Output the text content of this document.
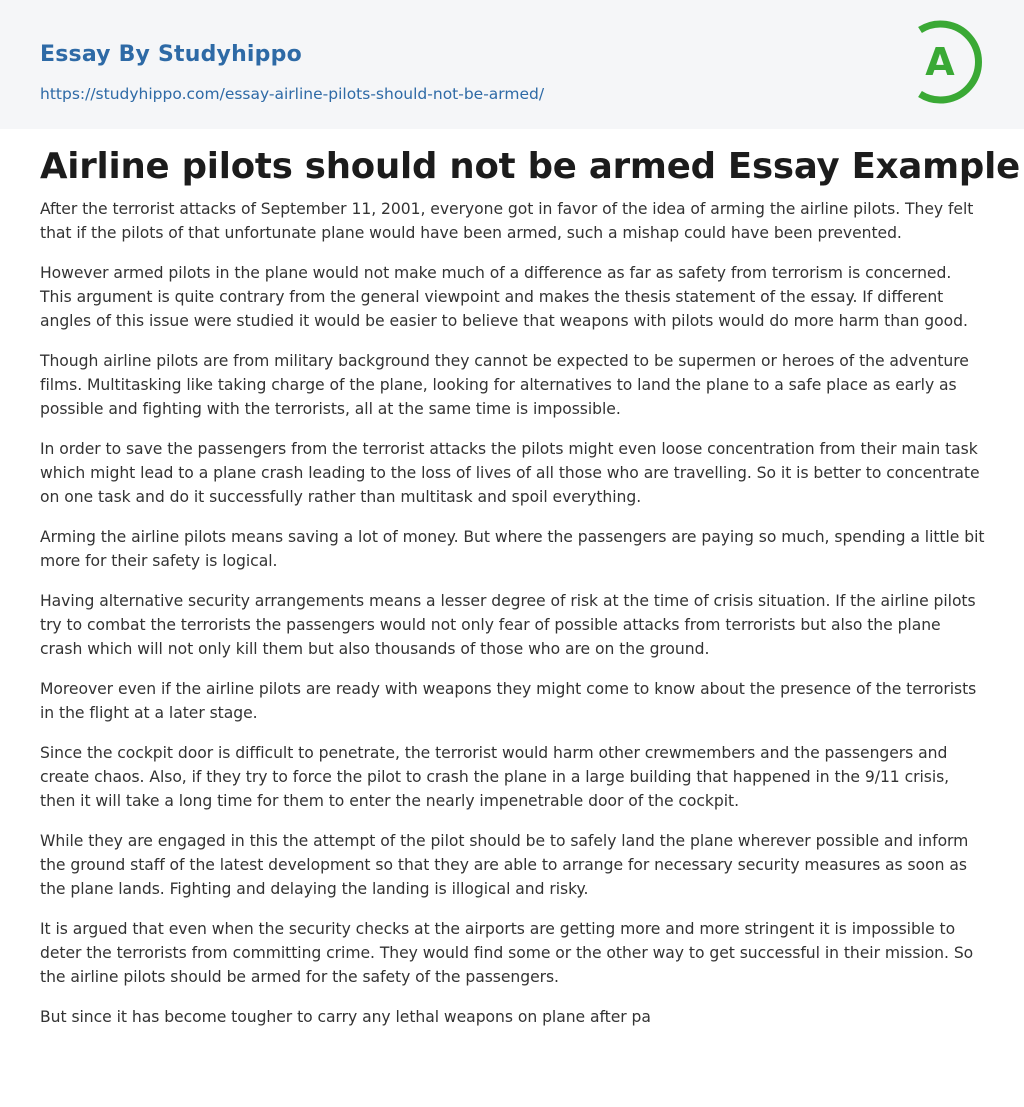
Essay By Studyhippo
https://studyhippo.com/essay-airline-pilots-should-not-be-armed/
A
Airline pilots should not be armed Essay Example

After the terrorist attacks of September 11, 2001, everyone got in favor of the idea of arming the airline pilots. They felt that if the pilots of that unfortunate plane would have been armed, such a mishap could have been prevented.

However armed pilots in the plane would not make much of a difference as far as safety from terrorism is concerned. This argument is quite contrary from the general viewpoint and makes the thesis statement of the essay. If different angles of this issue were studied it would be easier to believe that weapons with pilots would do more harm than good.

Though airline pilots are from military background they cannot be expected to be supermen or heroes of the adventure films. Multitasking like taking charge of the plane, looking for alternatives to land the plane to a safe place as early as possible and fighting with the terrorists, all at the same time is impossible.

In order to save the passengers from the terrorist attacks the pilots might even loose concentration from their main task which might lead to a plane crash leading to the loss of lives of all those who are travelling. So it is better to concentrate on one task and do it successfully rather than multitask and spoil everything.

Arming the airline pilots means saving a lot of money. But where the passengers are paying so much, spending a little bit more for their safety is logical.

Having alternative security arrangements means a lesser degree of risk at the time of crisis situation. If the airline pilots try to combat the terrorists the passengers would not only fear of possible attacks from terrorists but also the plane crash which will not only kill them but also thousands of those who are on the ground.

Moreover even if the airline pilots are ready with weapons they might come to know about the presence of the terrorists in the flight at a later stage.

Since the cockpit door is difficult to penetrate, the terrorist would harm other crewmembers and the passengers and create chaos. Also, if they try to force the pilot to crash the plane in a large building that happened in the 9/11 crisis, then it will take a long time for them to enter the nearly impenetrable door of the cockpit.

While they are engaged in this the attempt of the pilot should be to safely land the plane wherever possible and inform the ground staff of the latest development so that they are able to arrange for necessary security measures as soon as the plane lands. Fighting and delaying the landing is illogical and risky.

It is argued that even when the security checks at the airports are getting more and more stringent it is impossible to deter the terrorists from committing crime. They would find some or the other way to get successful in their mission. So the airline pilots should be armed for the safety of the passengers.

But since it has become tougher to carry any lethal weapons on plane after pa
